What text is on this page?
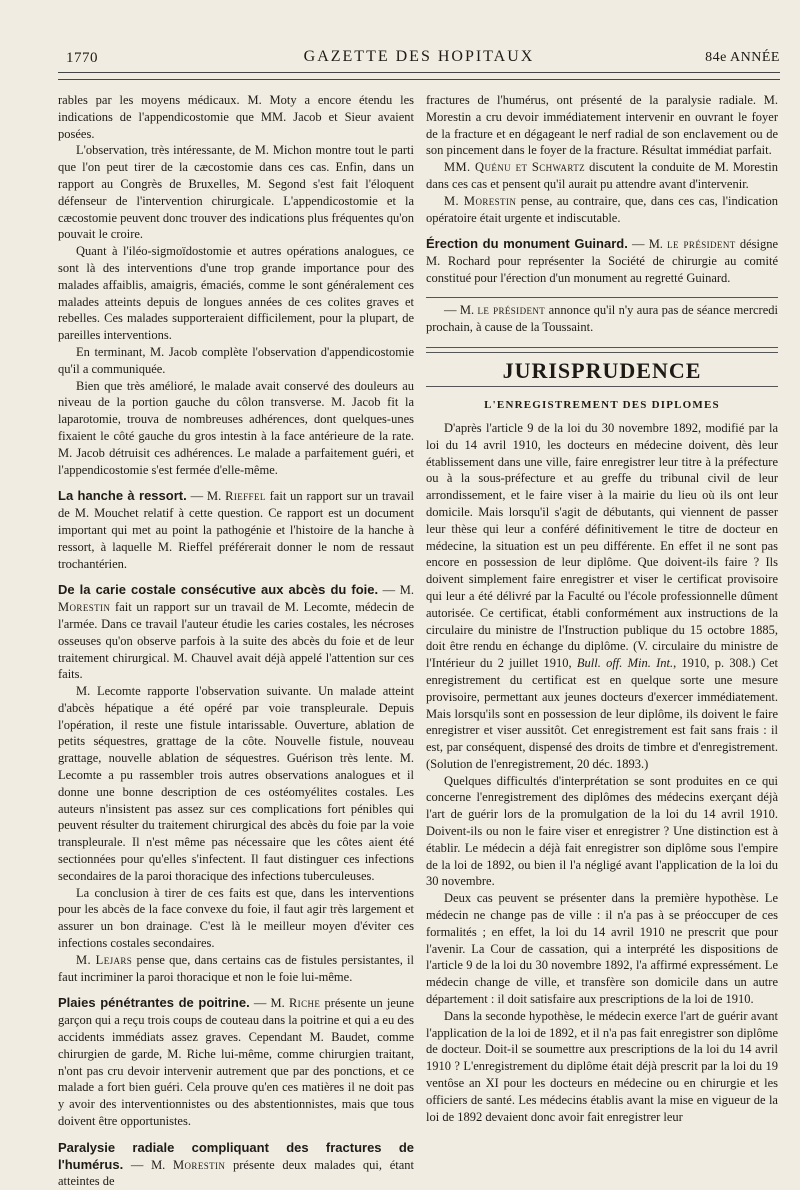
1770	GAZETTE DES HOPITAUX	84e ANNÉE

rables par les moyens médicaux. M. Moty a encore étendu les indications de l'appendicostomie que MM. Jacob et Sieur avaient posées.

L'observation, très intéressante, de M. Michon montre tout le parti que l'on peut tirer de la cæcostomie dans ces cas. Enfin, dans un rapport au Congrès de Bruxelles, M. Segond s'est fait l'éloquent défenseur de l'intervention chirurgicale. L'appendicostomie et la cæcostomie peuvent donc trouver des indications plus fréquentes qu'on pouvait le croire.

Quant à l'iléo-sigmoïdostomie et autres opérations analogues, ce sont là des interventions d'une trop grande importance pour des malades affaiblis, amaigris, émaciés, comme le sont généralement ces malades atteints depuis de longues années de ces colites graves et rebelles. Ces malades supporteraient difficilement, pour la plupart, de pareilles interventions.

En terminant, M. Jacob complète l'observation d'appendicostomie qu'il a communiquée.

Bien que très amélioré, le malade avait conservé des douleurs au niveau de la portion gauche du côlon transverse. M. Jacob fit la laparotomie, trouva de nombreuses adhérences, dont quelques-unes fixaient le côté gauche du gros intestin à la face antérieure de la rate. M. Jacob détruisit ces adhérences. Le malade a parfaitement guéri, et l'appendicostomie s'est fermée d'elle-même.

La hanche à ressort. — M. Rieffel fait un rapport sur un travail de M. Mouchet relatif à cette question. Ce rapport est un document important qui met au point la pathogénie et l'histoire de la hanche à ressort, à laquelle M. Rieffel préférerait donner le nom de ressaut trochantérien.

De la carie costale consécutive aux abcès du foie. — M. Morestin fait un rapport sur un travail de M. Lecomte, médecin de l'armée. Dans ce travail l'auteur étudie les caries costales, les nécroses osseuses qu'on observe parfois à la suite des abcès du foie et de leur traitement chirurgical. M. Chauvel avait déjà appelé l'attention sur ces faits.

M. Lecomte rapporte l'observation suivante. Un malade atteint d'abcès hépatique a été opéré par voie transpleurale. Depuis l'opération, il reste une fistule intarissable. Ouverture, ablation de petits séquestres, grattage de la côte. Nouvelle fistule, nouveau grattage, nouvelle ablation de séquestres. Guérison très lente. M. Lecomte a pu rassembler trois autres observations analogues et il donne une bonne description de ces ostéomyélites costales. Les auteurs n'insistent pas assez sur ces complications fort pénibles qui peuvent résulter du traitement chirurgical des abcès du foie par la voie transpleurale. Il n'est même pas nécessaire que les côtes aient été sectionnées pour qu'elles s'infectent. Il faut distinguer ces infections secondaires de la paroi thoracique des infections tuberculeuses.

La conclusion à tirer de ces faits est que, dans les interventions pour les abcès de la face convexe du foie, il faut agir très largement et assurer un bon drainage. C'est là le meilleur moyen d'éviter ces infections costales secondaires.

M. Lejars pense que, dans certains cas de fistules persistantes, il faut incriminer la paroi thoracique et non le foie lui-même.

Plaies pénétrantes de poitrine. — M. Riche présente un jeune garçon qui a reçu trois coups de couteau dans la poitrine et qui a eu des accidents immédiats assez graves. Cependant M. Baudet, comme chirurgien de garde, M. Riche lui-même, comme chirurgien traitant, n'ont pas cru devoir intervenir autrement que par des ponctions, et ce malade a fort bien guéri. Cela prouve qu'en ces matières il ne doit pas y avoir des interventionnistes ou des abstentionnistes, mais que tous doivent être opportunistes.

Paralysie radiale compliquant des fractures de l'humérus. — M. Morestin présente deux malades qui, étant atteintes de

fractures de l'humérus, ont présenté de la paralysie radiale. M. Morestin a cru devoir immédiatement intervenir en ouvrant le foyer de la fracture et en dégageant le nerf radial de son enclavement ou de son pincement dans le foyer de la fracture. Résultat immédiat parfait.

MM. Quénu et Schwartz discutent la conduite de M. Morestin dans ces cas et pensent qu'il aurait pu attendre avant d'intervenir.

M. Morestin pense, au contraire, que, dans ces cas, l'indication opératoire était urgente et indiscutable.

Érection du monument Guinard. — M. le président désigne M. Rochard pour représenter la Société de chirurgie au comité constitué pour l'érection d'un monument au regretté Guinard.

— M. le président annonce qu'il n'y aura pas de séance mercredi prochain, à cause de la Toussaint.

JURISPRUDENCE
L'ENREGISTREMENT DES DIPLOMES

D'après l'article 9 de la loi du 30 novembre 1892, modifié par la loi du 14 avril 1910, les docteurs en médecine doivent, dès leur établissement dans une ville, faire enregistrer leur titre à la préfecture ou à la sous-préfecture et au greffe du tribunal civil de leur arrondissement, et le faire viser à la mairie du lieu où ils ont leur domicile. Mais lorsqu'il s'agit de débutants, qui viennent de passer leur thèse qui leur a conféré définitivement le titre de docteur en médecine, la situation est un peu différente. En effet il ne sont pas encore en possession de leur diplôme. Que doivent-ils faire ? Ils doivent simplement faire enregistrer et viser le certificat provisoire qui leur a été délivré par la Faculté ou l'école professionnelle dûment autorisée. Ce certificat, établi conformément aux instructions de la circulaire du ministre de l'Instruction publique du 15 octobre 1885, doit être rendu en échange du diplôme. (V. circulaire du ministre de l'Intérieur du 2 juillet 1910, Bull. off. Min. Int., 1910, p. 308.) Cet enregistrement du certificat est en quelque sorte une mesure provisoire, permettant aux jeunes docteurs d'exercer immédiatement. Mais lorsqu'ils sont en possession de leur diplôme, ils doivent le faire enregistrer et viser aussitôt. Cet enregistrement est fait sans frais : il est, par conséquent, dispensé des droits de timbre et d'enregistrement. (Solution de l'enregistrement, 20 déc. 1893.)

Quelques difficultés d'interprétation se sont produites en ce qui concerne l'enregistrement des diplômes des médecins exerçant déjà l'art de guérir lors de la promulgation de la loi du 14 avril 1910. Doivent-ils ou non le faire viser et enregistrer ? Une distinction est à établir. Le médecin a déjà fait enregistrer son diplôme sous l'empire de la loi de 1892, ou bien il l'a négligé avant l'application de la loi du 30 novembre.

Deux cas peuvent se présenter dans la première hypothèse. Le médecin ne change pas de ville : il n'a pas à se préoccuper de ces formalités ; en effet, la loi du 14 avril 1910 ne prescrit que pour l'avenir. La Cour de cassation, qui a interprété les dispositions de l'article 9 de la loi du 30 novembre 1892, l'a affirmé expressément. Le médecin change de ville, et transfère son domicile dans un autre département : il doit satisfaire aux prescriptions de la loi de 1910.

Dans la seconde hypothèse, le médecin exerce l'art de guérir avant l'application de la loi de 1892, et il n'a pas fait enregistrer son diplôme de docteur. Doit-il se soumettre aux prescriptions de la loi du 14 avril 1910 ? L'enregistrement du diplôme était déjà prescrit par la loi du 19 ventôse an XI pour les docteurs en médecine ou en chirurgie et les officiers de santé. Les médecins établis avant la mise en vigueur de la loi de 1892 devaient donc avoir fait enregistrer leur
